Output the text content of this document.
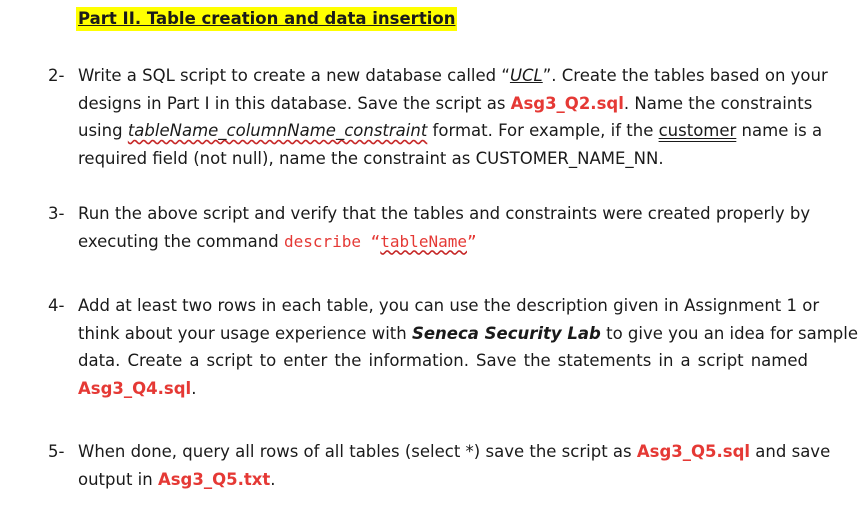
Part II. Table creation and data insertion
2- Write a SQL script to create a new database called “UCL”. Create the tables based on your
designs in Part I in this database. Save the script as Asg3_Q2.sql. Name the constraints
using tableName_columnName_constraint format. For example, if the customer name is a
required field (not null), name the constraint as CUSTOMER_NAME_NN.
3- Run the above script and verify that the tables and constraints were created properly by
executing the command describe “tableName”
4- Add at least two rows in each table, you can use the description given in Assignment 1 or
think about your usage experience with Seneca Security Lab to give you an idea for sample
data. Create a script to enter the information. Save the statements in a script named
Asg3_Q4.sql.
5- When done, query all rows of all tables (select *) save the script as Asg3_Q5.sql and save
output in Asg3_Q5.txt.
